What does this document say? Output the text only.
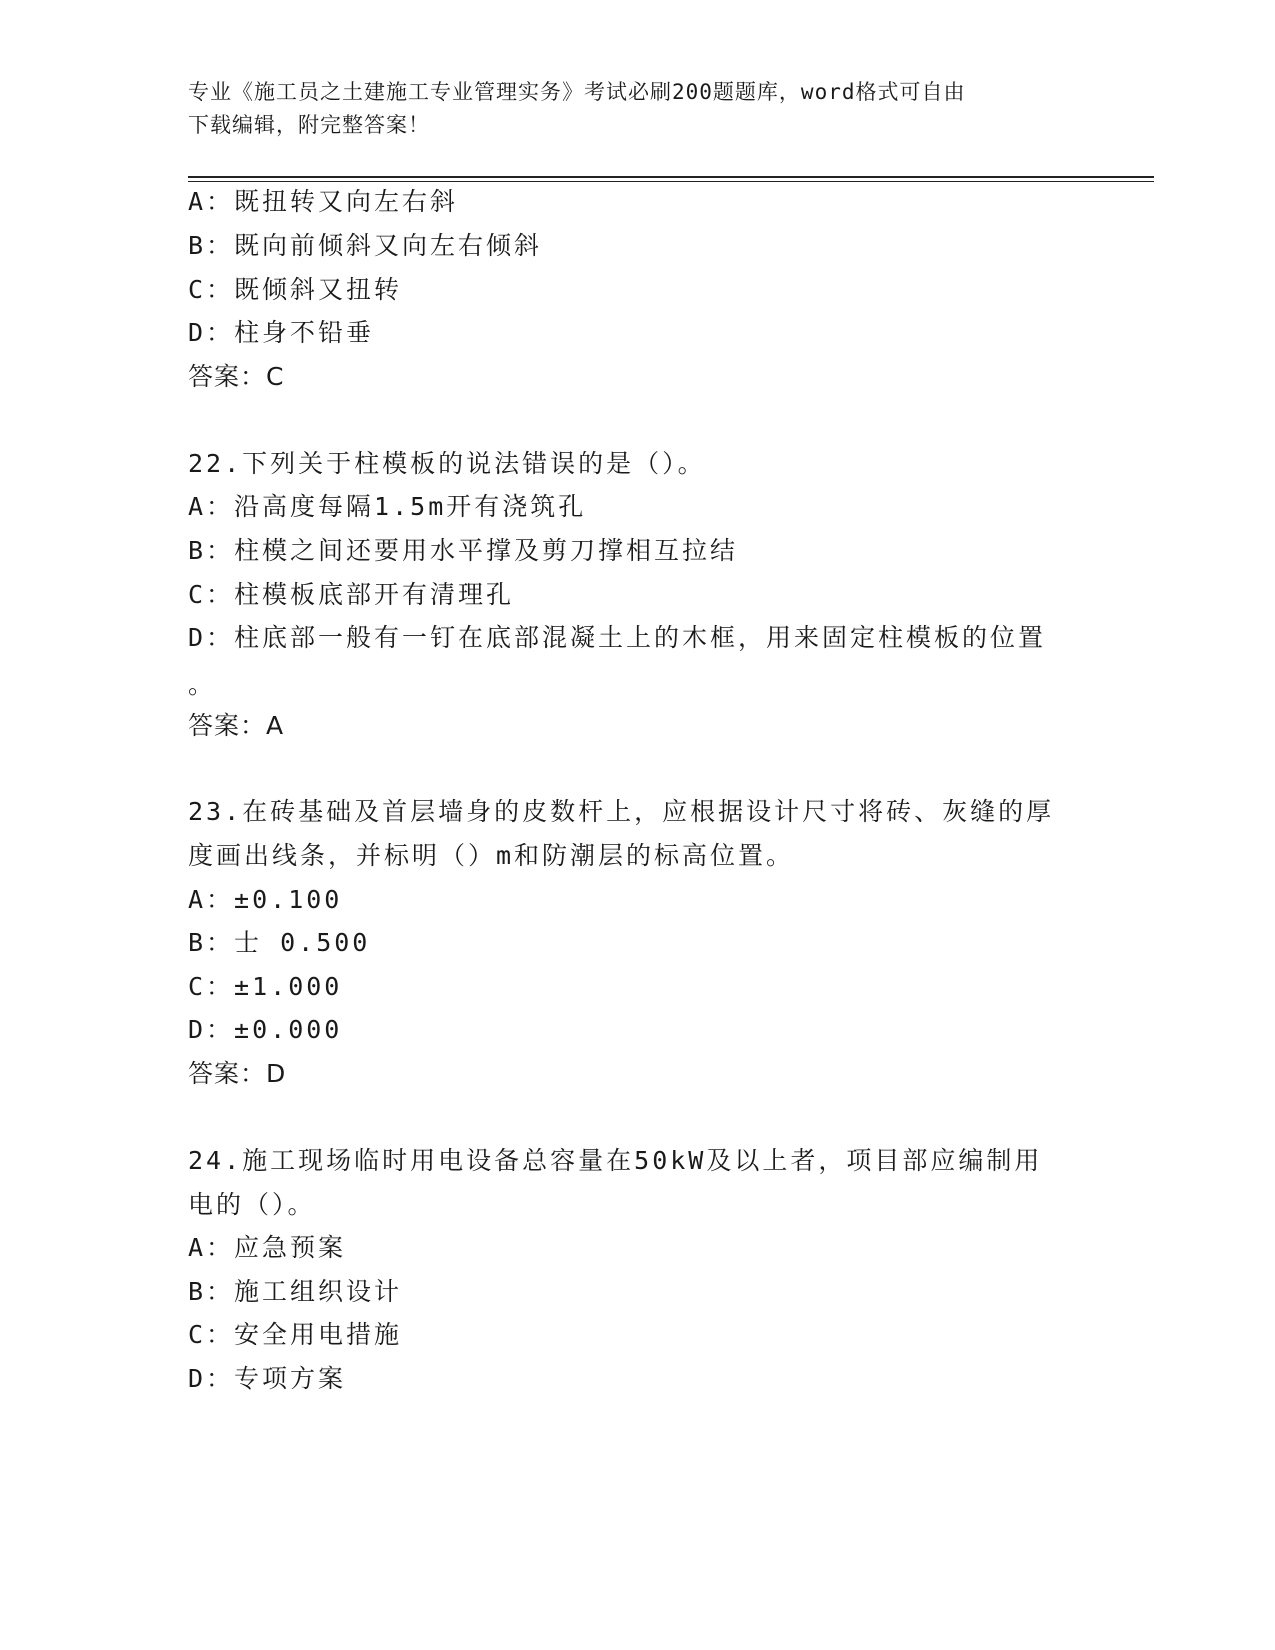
专业《施工员之土建施工专业管理实务》考试必刷200题题库，word格式可自由
下载编辑，附完整答案！
A：既扭转又向左右斜
B：既向前倾斜又向左右倾斜
C：既倾斜又扭转
D：柱身不铅垂
答案：C
22.下列关于柱模板的说法错误的是（）。
A：沿高度每隔1.5m开有浇筑孔
B：柱模之间还要用水平撑及剪刀撑相互拉结
C：柱模板底部开有清理孔
D：柱底部一般有一钉在底部混凝土上的木框，用来固定柱模板的位置
。
答案：A
23.在砖基础及首层墙身的皮数杆上，应根据设计尺寸将砖、灰缝的厚
度画出线条，并标明（）m和防潮层的标高位置。
A：±0.100
B：士 0.500
C：±1.000
D：±0.000
答案：D
24.施工现场临时用电设备总容量在50kW及以上者，项目部应编制用
电的（）。
A：应急预案
B：施工组织设计
C：安全用电措施
D：专项方案
